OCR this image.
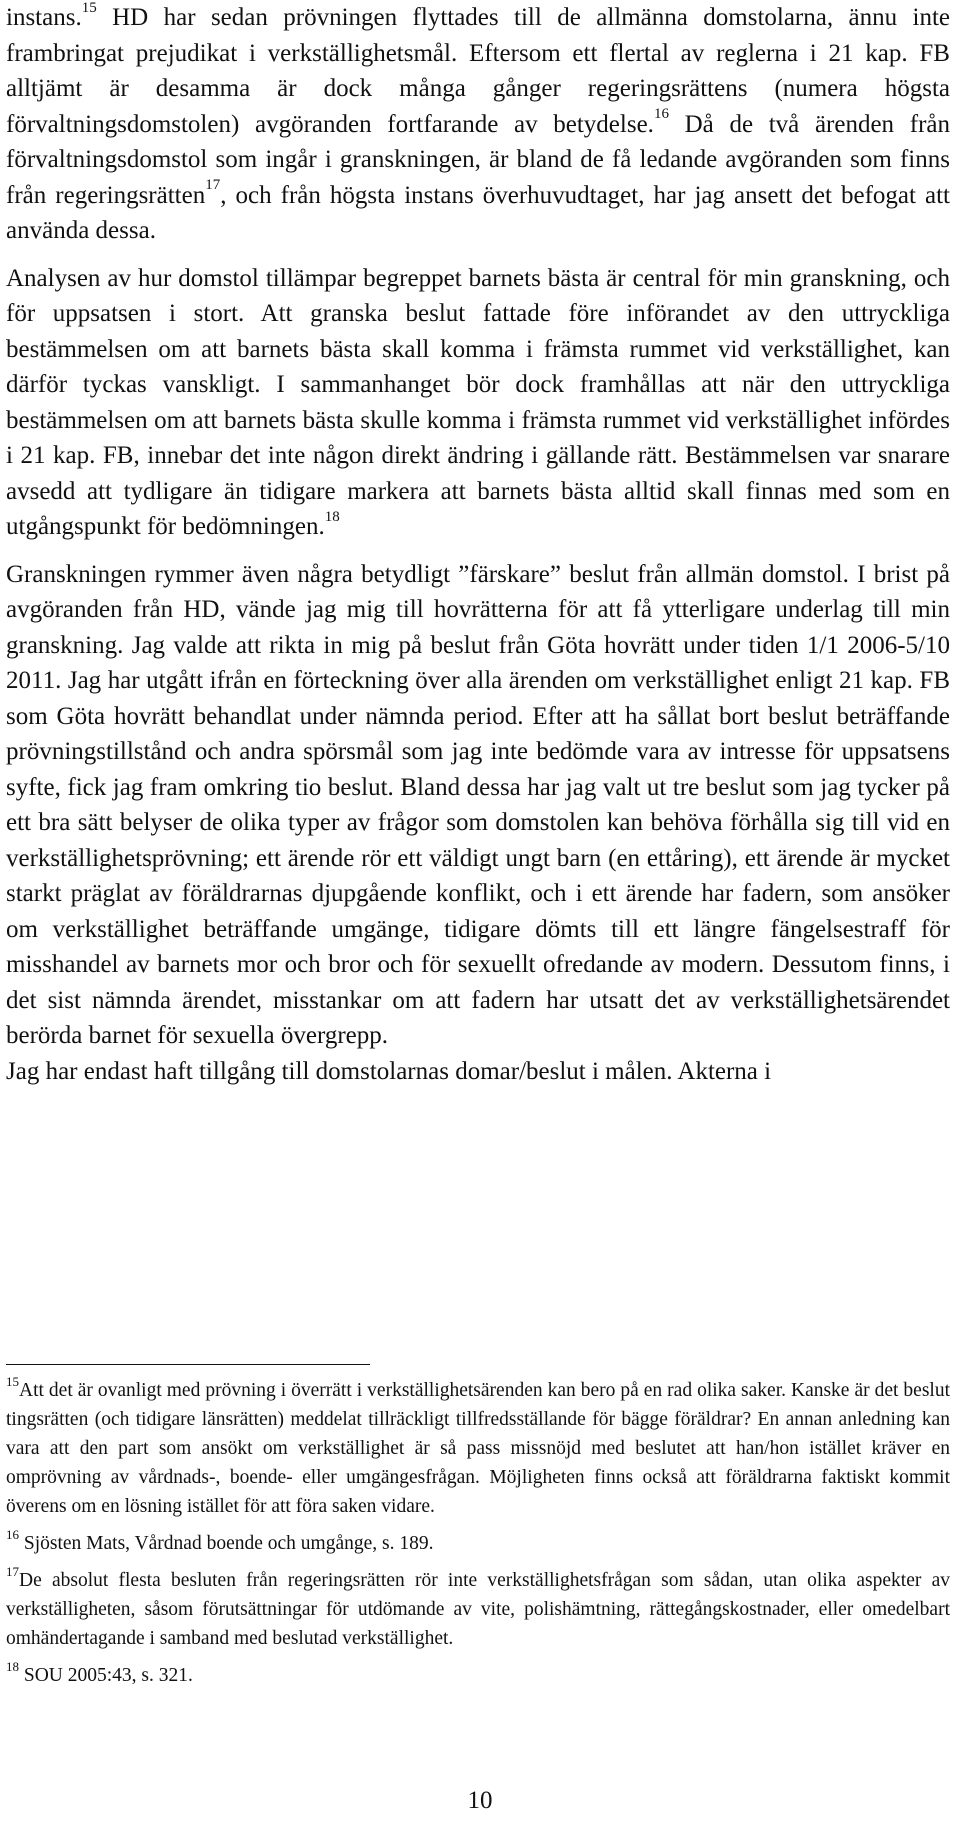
instans.$^{15}$ HD har sedan prövningen flyttades till de allmänna domstolarna, ännu inte frambringat prejudikat i verkställighetsmål. Eftersom ett flertal av reglerna i 21 kap. FB alltjämt är desamma är dock många gånger regeringsrättens (numera högsta förvaltningsdomstolen) avgöranden fortfarande av betydelse.$^{16}$ Då de två ärenden från förvaltningsdomstol som ingår i granskningen, är bland de få ledande avgöranden som finns från regeringsrätten$^{17}$, och från högsta instans överhuvudtaget, har jag ansett det befogat att använda dessa.

Analysen av hur domstol tillämpar begreppet barnets bästa är central för min granskning, och för uppsatsen i stort. Att granska beslut fattade före införandet av den uttryckliga bestämmelsen om att barnets bästa skall komma i främsta rummet vid verkställighet, kan därför tyckas vanskligt. I sammanhanget bör dock framhållas att när den uttryckliga bestämmelsen om att barnets bästa skulle komma i främsta rummet vid verkställighet infördes i 21 kap. FB, innebar det inte någon direkt ändring i gällande rätt. Bestämmelsen var snarare avsedd att tydligare än tidigare markera att barnets bästa alltid skall finnas med som en utgångspunkt för bedömningen.$^{18}$

Granskningen rymmer även några betydligt ”färskare” beslut från allmän domstol. I brist på avgöranden från HD, vände jag mig till hovrätterna för att få ytterligare underlag till min granskning. Jag valde att rikta in mig på beslut från Göta hovrätt under tiden 1/1 2006-5/10 2011. Jag har utgått ifrån en förteckning över alla ärenden om verkställighet enligt 21 kap. FB som Göta hovrätt behandlat under nämnda period. Efter att ha sållat bort beslut beträffande prövningstillstånd och andra spörsmål som jag inte bedömde vara av intresse för uppsatsens syfte, fick jag fram omkring tio beslut. Bland dessa har jag valt ut tre beslut som jag tycker på ett bra sätt belyser de olika typer av frågor som domstolen kan behöva förhålla sig till vid en verkställighetsprövning; ett ärende rör ett väldigt ungt barn (en ettåring), ett ärende är mycket starkt präglat av föräldrarnas djupgående konflikt, och i ett ärende har fadern, som ansöker om verkställighet beträffande umgänge, tidigare dömts till ett längre fängelsestraff för misshandel av barnets mor och bror och för sexuellt ofredande av modern. Dessutom finns, i det sist nämnda ärendet, misstankar om att fadern har utsatt det av verkställighetsärendet berörda barnet för sexuella övergrepp.

Jag har endast haft tillgång till domstolarnas domar/beslut i målen. Akterna i

$^{15}$Att det är ovanligt med prövning i överrätt i verkställighetsärenden kan bero på en rad olika saker. Kanske är det beslut tingsrätten (och tidigare länsrätten) meddelat tillräckligt tillfredsställande för bägge föräldrar? En annan anledning kan vara att den part som ansökt om verkställighet är så pass missnöjd med beslutet att han/hon istället kräver en omprövning av vårdnads-, boende- eller umgängesfrågan. Möjligheten finns också att föräldrarna faktiskt kommit överens om en lösning istället för att föra saken vidare.

$^{16}$ Sjösten Mats, Vårdnad boende och umgånge, s. 189.

$^{17}$De absolut flesta besluten från regeringsrätten rör inte verkställighetsfrågan som sådan, utan olika aspekter av verkställigheten, såsom förutsättningar för utdömande av vite, polishämtning, rättegångskostnader, eller omedelbart omhändertagande i samband med beslutad verkställighet.

$^{18}$ SOU 2005:43, s. 321.

10
